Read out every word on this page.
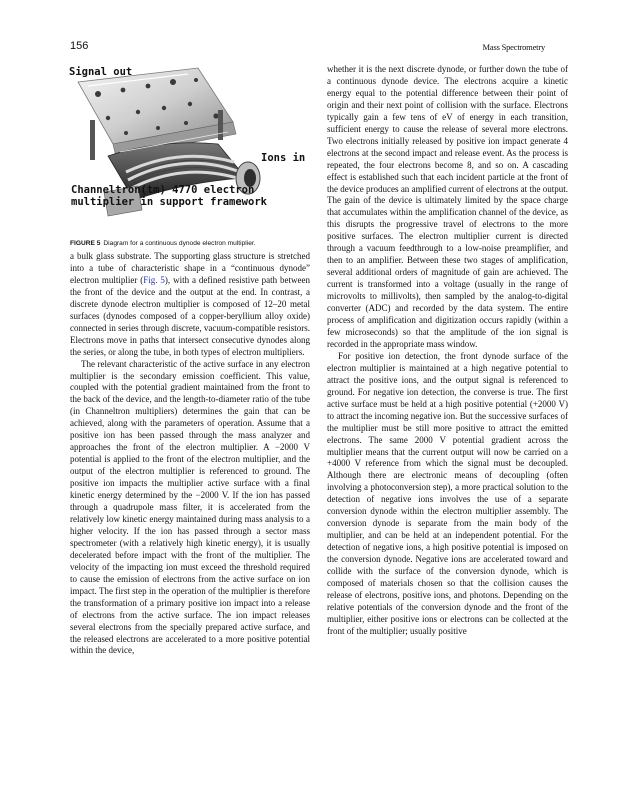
156	Mass Spectrometry
Signal out
Ions in
Channeltron(tm) 4770 electron
multiplier in support framework
FIGURE 5 Diagram for a continuous dynode electron multiplier.

a bulk glass substrate. The supporting glass structure is stretched into a tube of characteristic shape in a “continuous dynode” electron multiplier (Fig. 5), with a defined resistive path between the front of the device and the output at the end. In contrast, a discrete dynode electron multiplier is composed of 12–20 metal surfaces (dynodes composed of a copper-beryllium alloy oxide) connected in series through discrete, vacuum-compatible resistors. Electrons move in paths that intersect consecutive dynodes along the series, or along the tube, in both types of electron multipliers.

The relevant characteristic of the active surface in any electron multiplier is the secondary emission coefficient. This value, coupled with the potential gradient maintained from the front to the back of the device, and the length-to-diameter ratio of the tube (in Channeltron multipliers) determines the gain that can be achieved, along with the parameters of operation. Assume that a positive ion has been passed through the mass analyzer and approaches the front of the electron multiplier. A −2000 V potential is applied to the front of the electron multiplier, and the output of the electron multiplier is referenced to ground. The positive ion impacts the multiplier active surface with a final kinetic energy determined by the −2000 V. If the ion has passed through a quadrupole mass filter, it is accelerated from the relatively low kinetic energy maintained during mass analysis to a higher velocity. If the ion has passed through a sector mass spectrometer (with a relatively high kinetic energy), it is usually decelerated before impact with the front of the multiplier. The velocity of the impacting ion must exceed the threshold required to cause the emission of electrons from the active surface on ion impact. The first step in the operation of the multiplier is therefore the transformation of a primary positive ion impact into a release of electrons from the active surface. The ion impact releases several electrons from the specially prepared active surface, and the released electrons are accelerated to a more positive potential within the device,

whether it is the next discrete dynode, or further down the tube of a continuous dynode device. The electrons acquire a kinetic energy equal to the potential difference between their point of origin and their next point of collision with the surface. Electrons typically gain a few tens of eV of energy in each transition, sufficient energy to cause the release of several more electrons. Two electrons initially released by positive ion impact generate 4 electrons at the second impact and release event. As the process is repeated, the four electrons become 8, and so on. A cascading effect is established such that each incident particle at the front of the device produces an amplified current of electrons at the output. The gain of the device is ultimately limited by the space charge that accumulates within the amplification channel of the device, as this disrupts the progressive travel of electrons to the more positive surfaces. The electron multiplier current is directed through a vacuum feedthrough to a low-noise preamplifier, and then to an amplifier. Between these two stages of amplification, several additional orders of magnitude of gain are achieved. The current is transformed into a voltage (usually in the range of microvolts to millivolts), then sampled by the analog-to-digital converter (ADC) and recorded by the data system. The entire process of amplification and digitization occurs rapidly (within a few microseconds) so that the amplitude of the ion signal is recorded in the appropriate mass window.

For positive ion detection, the front dynode surface of the electron multiplier is maintained at a high negative potential to attract the positive ions, and the output signal is referenced to ground. For negative ion detection, the converse is true. The first active surface must be held at a high positive potential (+2000 V) to attract the incoming negative ion. But the successive surfaces of the multiplier must be still more positive to attract the emitted electrons. The same 2000 V potential gradient across the multiplier means that the current output will now be carried on a +4000 V reference from which the signal must be decoupled. Although there are electronic means of decoupling (often involving a photoconversion step), a more practical solution to the detection of negative ions involves the use of a separate conversion dynode within the electron multiplier assembly. The conversion dynode is separate from the main body of the multiplier, and can be held at an independent potential. For the detection of negative ions, a high positive potential is imposed on the conversion dynode. Negative ions are accelerated toward and collide with the surface of the conversion dynode, which is composed of materials chosen so that the collision causes the release of electrons, positive ions, and photons. Depending on the relative potentials of the conversion dynode and the front of the multiplier, either positive ions or electrons can be collected at the front of the multiplier; usually positive
